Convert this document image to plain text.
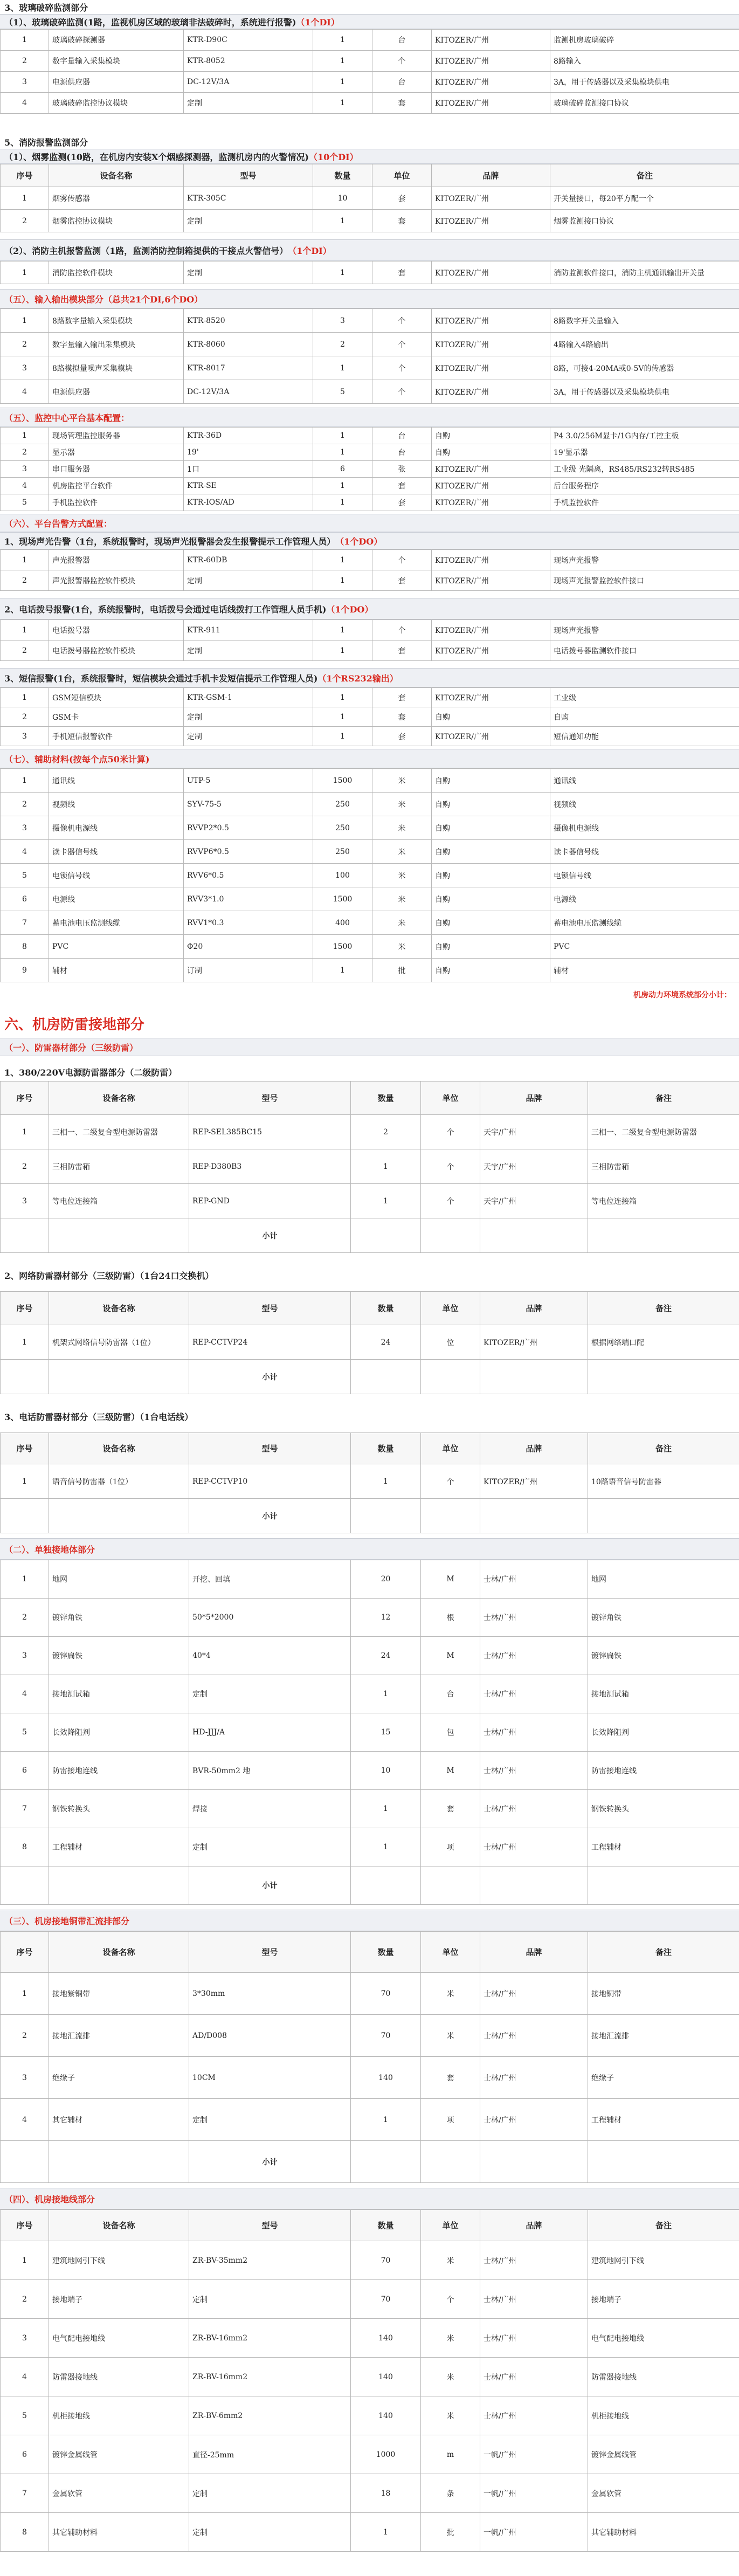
3、玻璃破碎监测部分
（1）、玻璃破碎监测(1路，监视机房区域的玻璃非法破碎时，系统进行报警) （1个DI）
1	玻璃破碎探测器	KTR-D90C	1	台	KITOZER/广州	监测机房玻璃破碎
2	数字量输入采集模块	KTR-8052	1	个	KITOZER/广州	8路输入
3	电源供应器	DC-12V/3A	1	台	KITOZER/广州	3A，用于传感器以及采集模块供电
4	玻璃破碎监控协议模块	定制	1	套	KITOZER/广州	玻璃破碎监测接口协议
5、消防报警监测部分
（1）、烟雾监测(10路，在机房内安装X个烟感探测器，监测机房内的火警情况) （10个DI）
序号	设备名称	型号	数量	单位	品牌	备注
1	烟雾传感器	KTR-305C	10	套	KITOZER/广州	开关量接口，每20平方配一个
2	烟雾监控协议模块	定制	1	套	KITOZER/广州	烟雾监测接口协议
（2）、消防主机报警监测（1路，监测消防控制箱提供的干接点火警信号） （1个DI）
1	消防监控软件模块	定制	1	套	KITOZER/广州	消防监测软件接口，消防主机通讯输出开关量
（五）、输入输出模块部分（总共21个DI,6个DO）
1	8路数字量输入采集模块	KTR-8520	3	个	KITOZER/广州	8路数字开关量输入
2	数字量输入输出采集模块	KTR-8060	2	个	KITOZER/广州	4路输入4路输出
3	8路模拟量噪声采集模块	KTR-8017	1	个	KITOZER/广州	8路，可接4-20MA或0-5V的传感器
4	电源供应器	DC-12V/3A	5	个	KITOZER/广州	3A，用于传感器以及采集模块供电
（五）、监控中心平台基本配置：
1	现场管理监控服务器	KTR-36D	1	台	自购	P4 3.0/256M显卡/1G内存/工控主板
2	显示器	19'	1	台	自购	19'显示器
3	串口服务器	1口	6	张	KITOZER/广州	工业级 光隔离，RS485/RS232转RS485
4	机房监控平台软件	KTR-SE	1	套	KITOZER/广州	后台服务程序
5	手机监控软件	KTR-IOS/AD	1	套	KITOZER/广州	手机监控软件
（六）、平台告警方式配置：
1、现场声光告警（1台，系统报警时，现场声光报警器会发生报警提示工作管理人员） （1个DO）
1	声光报警器	KTR-60DB	1	个	KITOZER/广州	现场声光报警
2	声光报警器监控软件模块	定制	1	套	KITOZER/广州	现场声光报警监控软件接口
2、电话拨号报警(1台，系统报警时，电话拨号会通过电话线拨打工作管理人员手机) （1个DO）
1	电话拨号器	KTR-911	1	个	KITOZER/广州	现场声光报警
2	电话拨号器监控软件模块	定制	1	套	KITOZER/广州	电话拨号器监测软件接口
3、短信报警(1台，系统报警时，短信模块会通过手机卡发短信提示工作管理人员) （1个RS232输出）
1	GSM短信模块	KTR-GSM-1	1	套	KITOZER/广州	工业级
2	GSM卡	定制	1	套	自购	自购
3	手机短信报警软件	定制	1	套	KITOZER/广州	短信通知功能
（七）、辅助材料(按每个点50米计算)
1	通讯线	UTP-5	1500	米	自购	通讯线
2	视频线	SYV-75-5	250	米	自购	视频线
3	摄像机电源线	RVVP2*0.5	250	米	自购	摄像机电源线
4	读卡器信号线	RVVP6*0.5	250	米	自购	读卡器信号线
5	电锁信号线	RVV6*0.5	100	米	自购	电锁信号线
6	电源线	RVV3*1.0	1500	米	自购	电源线
7	蓄电池电压监测线缆	RVV1*0.3	400	米	自购	蓄电池电压监测线缆
8	PVC	Φ20	1500	米	自购	PVC
9	辅材	订制	1	批	自购	辅材
机房动力环境系统部分小计：
六、机房防雷接地部分
（一）、防雷器材部分（三级防雷）
1、380/220V电源防雷器部分（二级防雷）
序号	设备名称	型号	数量	单位	品牌	备注
1	三相一、二级复合型电源防雷器	REP-SEL385BC15	2	个	天宇/广州	三相一、二级复合型电源防雷器
2	三相防雷箱	REP-D380B3	1	个	天宇/广州	三相防雷箱
3	等电位连接箱	REP-GND	1	个	天宇/广州	等电位连接箱
		小计				
2、网络防雷器材部分（三级防雷）（1台24口交换机）
序号	设备名称	型号	数量	单位	品牌	备注
1	机架式网络信号防雷器（1位）	REP-CCTVP24	24	位	KITOZER/广州	根据网络端口配
		小计				
3、电话防雷器材部分（三级防雷）（1台电话线）
序号	设备名称	型号	数量	单位	品牌	备注
1	语音信号防雷器（1位）	REP-CCTVP10	1	个	KITOZER/广州	10路语音信号防雷器
		小计				
（二）、单独接地体部分
1	地网	开挖、回填	20	M	士林/广州	地网
2	镀锌角铁	50*5*2000	12	根	士林/广州	镀锌角铁
3	镀锌扁铁	40*4	24	M	士林/广州	镀锌扁铁
4	接地测试箱	定制	1	台	士林/广州	接地测试箱
5	长效降阻剂	HD-JJJ/A	15	包	士林/广州	长效降阻剂
6	防雷接地连线	BVR-50mm2 地	10	M	士林/广州	防雷接地连线
7	钢铁转换头	焊接	1	套	士林/广州	钢铁转换头
8	工程辅材	定制	1	项	士林/广州	工程辅材
		小计				
（三）、机房接地铜带汇流排部分
序号	设备名称	型号	数量	单位	品牌	备注
1	接地紫铜带	3*30mm	70	米	士林/广州	接地铜带
2	接地汇流排	AD/D008	70	米	士林/广州	接地汇流排
3	绝缘子	10CM	140	套	士林/广州	绝缘子
4	其它辅材	定制	1	项	士林/广州	工程辅材
		小计				
（四）、机房接地线部分
序号	设备名称	型号	数量	单位	品牌	备注
1	建筑地网引下线	ZR-BV-35mm2	70	米	士林/广州	建筑地网引下线
2	接地端子	定制	70	个	士林/广州	接地端子
3	电气配电接地线	ZR-BV-16mm2	140	米	士林/广州	电气配电接地线
4	防雷器接地线	ZR-BV-16mm2	140	米	士林/广州	防雷器接地线
5	机柜接地线	ZR-BV-6mm2	140	米	士林/广州	机柜接地线
6	镀锌金属线管	直径-25mm	1000	m	一帆/广州	镀锌金属线管
7	金属软管	定制	18	条	一帆/广州	金属软管
8	其它辅助材料	定制	1	批	一帆/广州	其它辅助材料
